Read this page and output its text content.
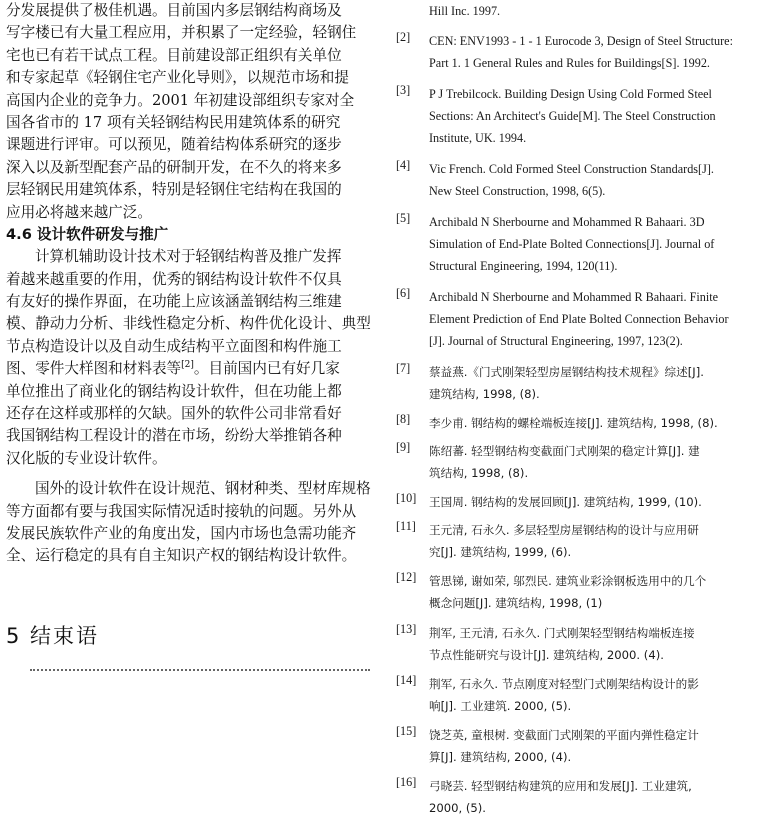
分发展提供了极佳机遇。目前国内多层钢结构商场及
写字楼已有大量工程应用，并积累了一定经验，轻钢住
宅也已有若干试点工程。目前建设部正组织有关单位
和专家起草《轻钢住宅产业化导则》，以规范市场和提
高国内企业的竞争力。2001 年初建设部组织专家对全
国各省市的 17 项有关轻钢结构民用建筑体系的研究
课题进行评审。可以预见，随着结构体系研究的逐步
深入以及新型配套产品的研制开发，在不久的将来多
层轻钢民用建筑体系，特别是轻钢住宅结构在我国的
应用必将越来越广泛。
4.6 设计软件研发与推广
计算机辅助设计技术对于轻钢结构普及推广发挥
着越来越重要的作用，优秀的钢结构设计软件不仅具
有友好的操作界面，在功能上应该涵盖钢结构三维建
模、静动力分析、非线性稳定分析、构件优化设计、典型
节点构造设计以及自动生成结构平立面图和构件施工
图、零件大样图和材料表等[2]。目前国内已有好几家
单位推出了商业化的钢结构设计软件，但在功能上都
还存在这样或那样的欠缺。国外的软件公司非常看好
我国钢结构工程设计的潜在市场，纷纷大举推销各种
汉化版的专业设计软件。
国外的设计软件在设计规范、钢材种类、型材库规格
等方面都有要与我国实际情况适时接轨的问题。另外从
发展民族软件产业的角度出发，国内市场也急需功能齐
全、运行稳定的具有自主知识产权的钢结构设计软件。
5 结束语
Hill Inc. 1997.
[2]	CEN: ENV1993 - 1 - 1 Eurocode 3, Design of Steel Structure:
Part 1. 1 General Rules and Rules for Buildings[S]. 1992.
[3]	P J Trebilcock. Building Design Using Cold Formed Steel
Sections: An Architect's Guide[M]. The Steel Construction
Institute, UK. 1994.
[4]	Vic French. Cold Formed Steel Construction Standards[J].
New Steel Construction, 1998, 6(5).
[5]	Archibald N Sherbourne and Mohammed R Bahaari. 3D
Simulation of End-Plate Bolted Connections[J]. Journal of
Structural Engineering, 1994, 120(11).
[6]	Archibald N Sherbourne and Mohammed R Bahaari. Finite
Element Prediction of End Plate Bolted Connection Behavior
[J]. Journal of Structural Engineering, 1997, 123(2).
[7]	蔡益燕.《门式刚架轻型房屋钢结构技术规程》综述[J].
建筑结构, 1998, (8).
[8]	李少甫. 钢结构的螺栓端板连接[J]. 建筑结构, 1998, (8).
[9]	陈绍蕃. 轻型钢结构变截面门式刚架的稳定计算[J]. 建
筑结构, 1998, (8).
[10]	王国周. 钢结构的发展回顾[J]. 建筑结构, 1999, (10).
[11]	王元清, 石永久. 多层轻型房屋钢结构的设计与应用研
究[J]. 建筑结构, 1999, (6).
[12]	管思锑, 谢如荣, 邬烈民. 建筑业彩涂钢板选用中的几个
概念问题[J]. 建筑结构, 1998, (1)
[13]	荆军, 王元清, 石永久. 门式刚架轻型钢结构端板连接
节点性能研究与设计[J]. 建筑结构, 2000. (4).
[14]	荆军, 石永久. 节点刚度对轻型门式刚架结构设计的影
响[J]. 工业建筑. 2000, (5).
[15]	饶芝英, 童根树. 变截面门式刚架的平面内弹性稳定计
算[J]. 建筑结构, 2000, (4).
[16]	弓晓芸. 轻型钢结构建筑的应用和发展[J]. 工业建筑,
2000, (5).
